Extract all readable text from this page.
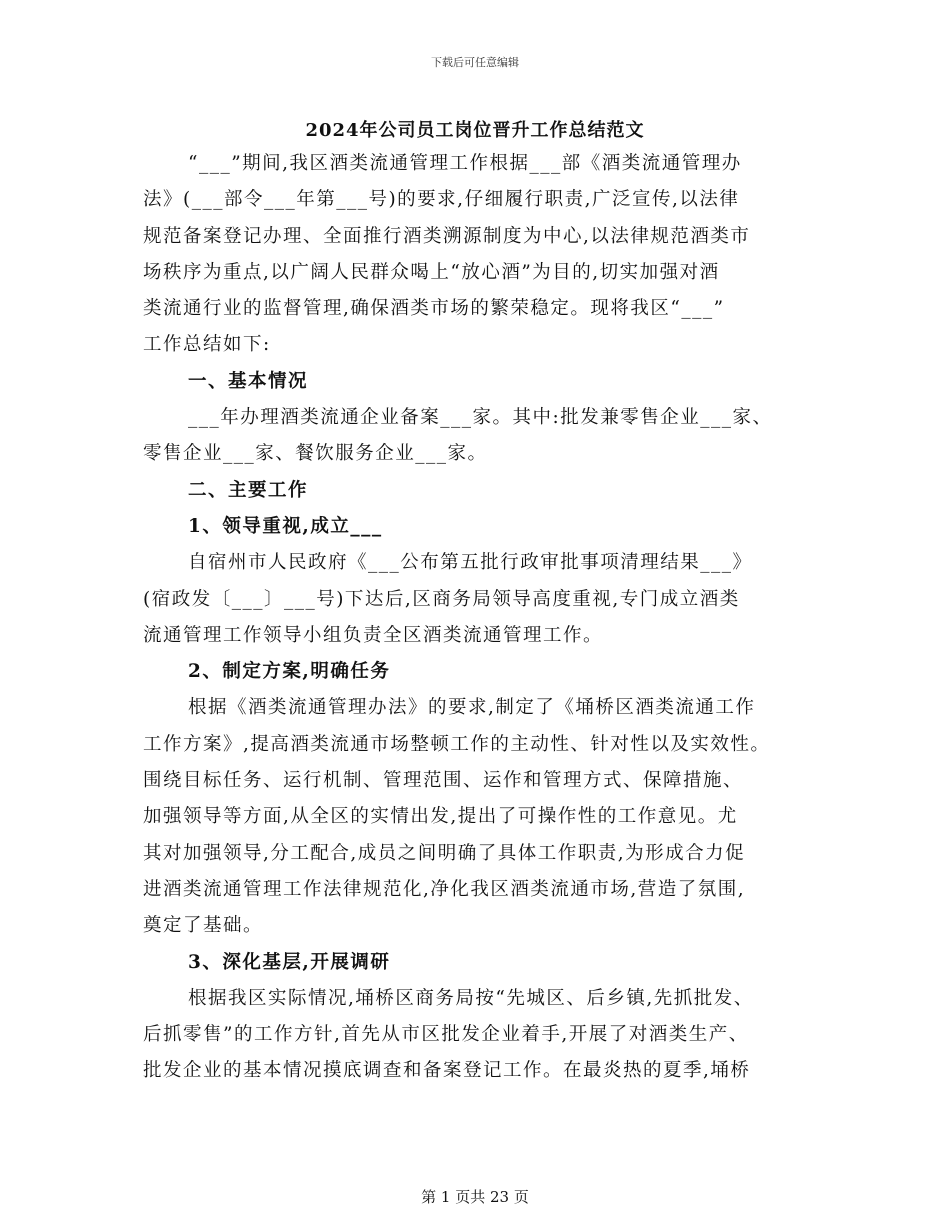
下载后可任意编辑
2024年公司员工岗位晋升工作总结范文
“___”期间,我区酒类流通管理工作根据___部《酒类流通管理办
法》(___部令___年第___号)的要求,仔细履行职责,广泛宣传,以法律
规范备案登记办理、全面推行酒类溯源制度为中心,以法律规范酒类市
场秩序为重点,以广阔人民群众喝上“放心酒”为目的,切实加强对酒
类流通行业的监督管理,确保酒类市场的繁荣稳定。现将我区“___”
工作总结如下:
一、基本情况
___年办理酒类流通企业备案___家。其中:批发兼零售企业___家、
零售企业___家、餐饮服务企业___家。
二、主要工作
1、领导重视,成立___
自宿州市人民政府《___公布第五批行政审批事项清理结果___》
(宿政发〔___〕___号)下达后,区商务局领导高度重视,专门成立酒类
流通管理工作领导小组负责全区酒类流通管理工作。
2、制定方案,明确任务
根据《酒类流通管理办法》的要求,制定了《埇桥区酒类流通工作
工作方案》,提高酒类流通市场整顿工作的主动性、针对性以及实效性。
围绕目标任务、运行机制、管理范围、运作和管理方式、保障措施、
加强领导等方面,从全区的实情出发,提出了可操作性的工作意见。尤
其对加强领导,分工配合,成员之间明确了具体工作职责,为形成合力促
进酒类流通管理工作法律规范化,净化我区酒类流通市场,营造了氛围,
奠定了基础。
3、深化基层,开展调研
根据我区实际情况,埇桥区商务局按“先城区、后乡镇,先抓批发、
后抓零售”的工作方针,首先从市区批发企业着手,开展了对酒类生产、
批发企业的基本情况摸底调查和备案登记工作。在最炎热的夏季,埇桥
第 1 页共 23 页
